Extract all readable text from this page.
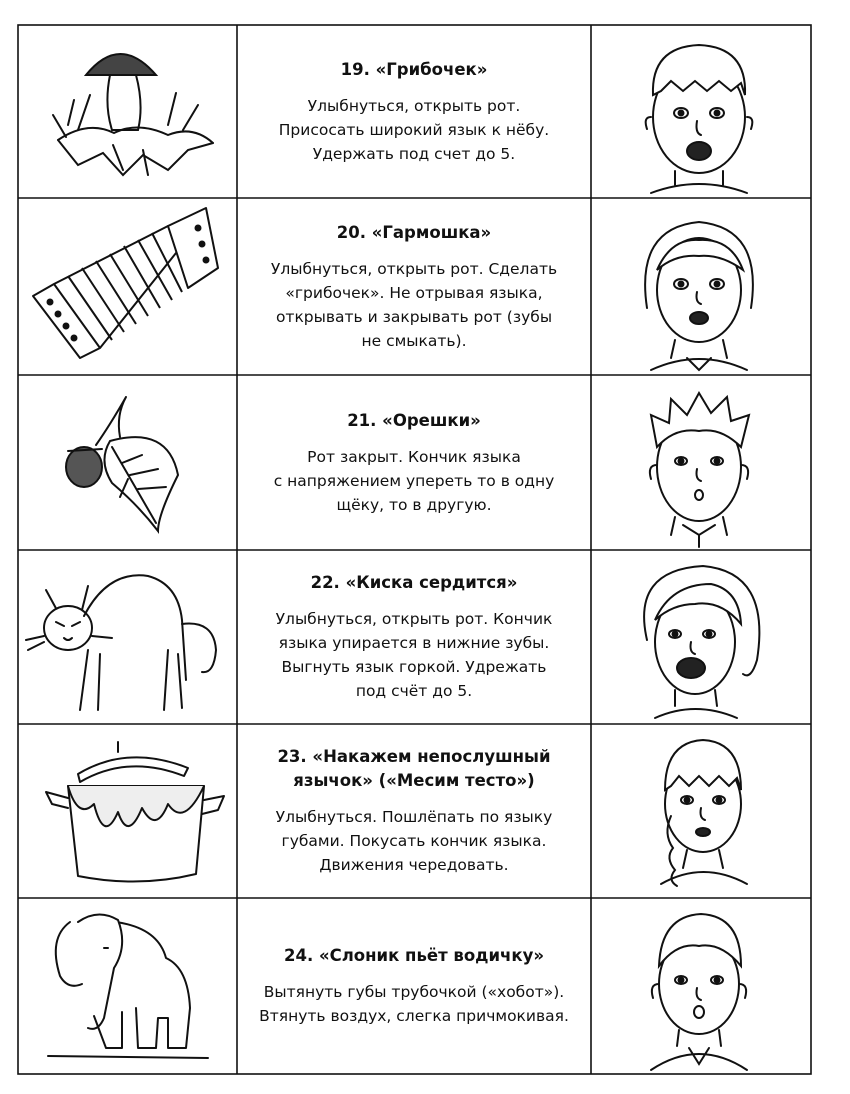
19. «Грибочек»
Улыбнуться, открыть рот.
Присосать широкий язык к нёбу.
Удержать под счет до 5.
20. «Гармошка»
Улыбнуться, открыть рот. Сделать
«грибочек». Не отрывая языка,
открывать и закрывать рот (зубы
не смыкать).
21. «Орешки»
Рот закрыт. Кончик языка
с напряжением упереть то в одну
щёку, то в другую.
22. «Киска сердится»
Улыбнуться, открыть рот. Кончик
языка упирается в нижние зубы.
Выгнуть язык горкой. Удрежать
под счёт до 5.
23. «Накажем непослушный
язычок» («Месим тесто»)
Улыбнуться. Пошлёпать по языку
губами. Покусать кончик языка.
Движения чередовать.
24. «Слоник пьёт водичку»
Вытянуть губы трубочкой («хобот»).
Втянуть воздух, слегка причмокивая.
